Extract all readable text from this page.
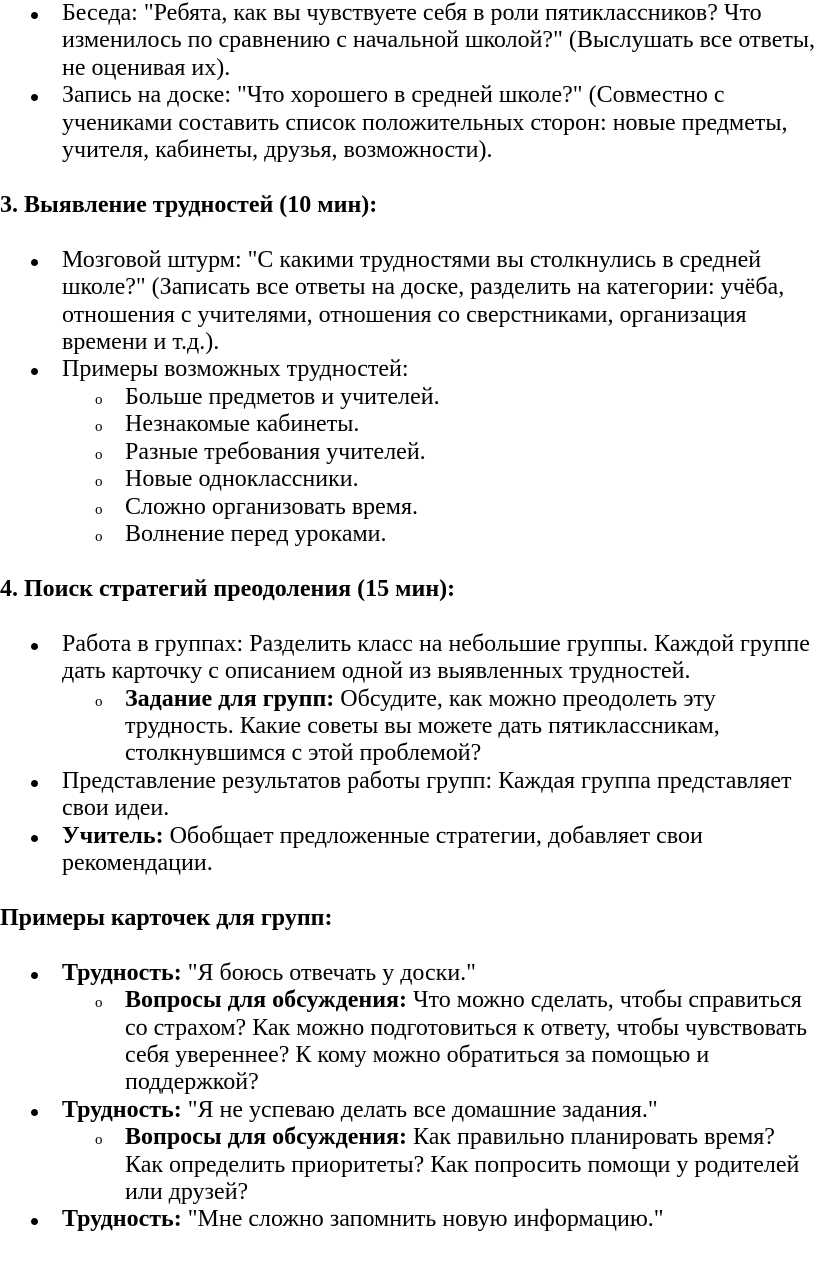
Беседа: "Ребята, как вы чувствуете себя в роли пятиклассников? Что изменилось по сравнению с начальной школой?" (Выслушать все ответы, не оценивая их).
Запись на доске: "Что хорошего в средней школе?" (Совместно с учениками составить список положительных сторон: новые предметы, учителя, кабинеты, друзья, возможности).
3. Выявление трудностей (10 мин):
Мозговой штурм: "С какими трудностями вы столкнулись в средней школе?" (Записать все ответы на доске, разделить на категории: учёба, отношения с учителями, отношения со сверстниками, организация времени и т.д.).
Примеры возможных трудностей:
o Больше предметов и учителей.
o Незнакомые кабинеты.
o Разные требования учителей.
o Новые одноклассники.
o Сложно организовать время.
o Волнение перед уроками.
4. Поиск стратегий преодоления (15 мин):
Работа в группах: Разделить класс на небольшие группы. Каждой группе дать карточку с описанием одной из выявленных трудностей.
o Задание для групп: Обсудите, как можно преодолеть эту трудность. Какие советы вы можете дать пятиклассникам, столкнувшимся с этой проблемой?
Представление результатов работы групп: Каждая группа представляет свои идеи.
Учитель: Обобщает предложенные стратегии, добавляет свои рекомендации.
Примеры карточек для групп:
Трудность: "Я боюсь отвечать у доски."
o Вопросы для обсуждения: Что можно сделать, чтобы справиться со страхом? Как можно подготовиться к ответу, чтобы чувствовать себя увереннее? К кому можно обратиться за помощью и поддержкой?
Трудность: "Я не успеваю делать все домашние задания."
o Вопросы для обсуждения: Как правильно планировать время? Как определить приоритеты? Как попросить помощи у родителей или друзей?
Трудность: "Мне сложно запомнить новую информацию."
